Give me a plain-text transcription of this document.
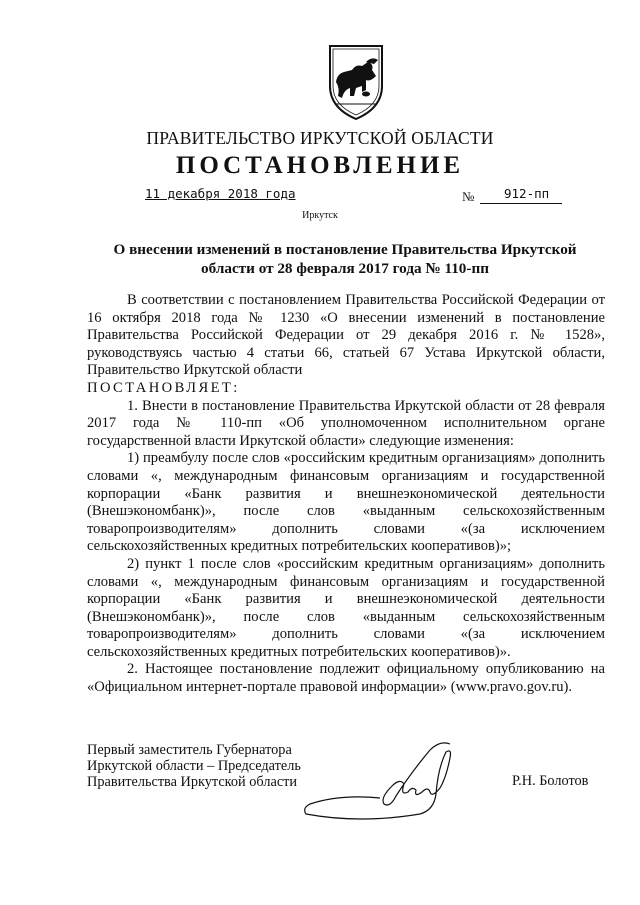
ПРАВИТЕЛЬСТВО ИРКУТСКОЙ ОБЛАСТИ
ПОСТАНОВЛЕНИЕ
11 декабря 2018 года	№	912-пп
Иркутск
О внесении изменений в постановление Правительства Иркутской области от 28 февраля 2017 года № 110-пп

В соответствии с постановлением Правительства Российской Федерации от 16 октября 2018 года № 1230 «О внесении изменений в постановление Правительства Российской Федерации от 29 декабря 2016 г. № 1528», руководствуясь частью 4 статьи 66, статьей 67 Устава Иркутской области, Правительство Иркутской области

ПОСТАНОВЛЯЕТ:

1. Внести в постановление Правительства Иркутской области от 28 февраля 2017 года № 110-пп «Об уполномоченном исполнительном органе государственной власти Иркутской области» следующие изменения:

1) преамбулу после слов «российским кредитным организациям» дополнить словами «, международным финансовым организациям и государственной корпорации «Банк развития и внешнеэкономической деятельности (Внешэкономбанк)», после слов «выданным сельскохозяйственным товаропроизводителям» дополнить словами «(за исключением сельскохозяйственных кредитных потребительских кооперативов)»;

2) пункт 1 после слов «российским кредитным организациям» дополнить словами «, международным финансовым организациям и государственной корпорации «Банк развития и внешнеэкономической деятельности (Внешэкономбанк)», после слов «выданным сельскохозяйственным товаропроизводителям» дополнить словами «(за исключением сельскохозяйственных кредитных потребительских кооперативов)».

2. Настоящее постановление подлежит официальному опубликованию на «Официальном интернет-портале правовой информации» (www.pravo.gov.ru).

Первый заместитель Губернатора
Иркутской области – Председатель
Правительства Иркутской области	Р.Н. Болотов
